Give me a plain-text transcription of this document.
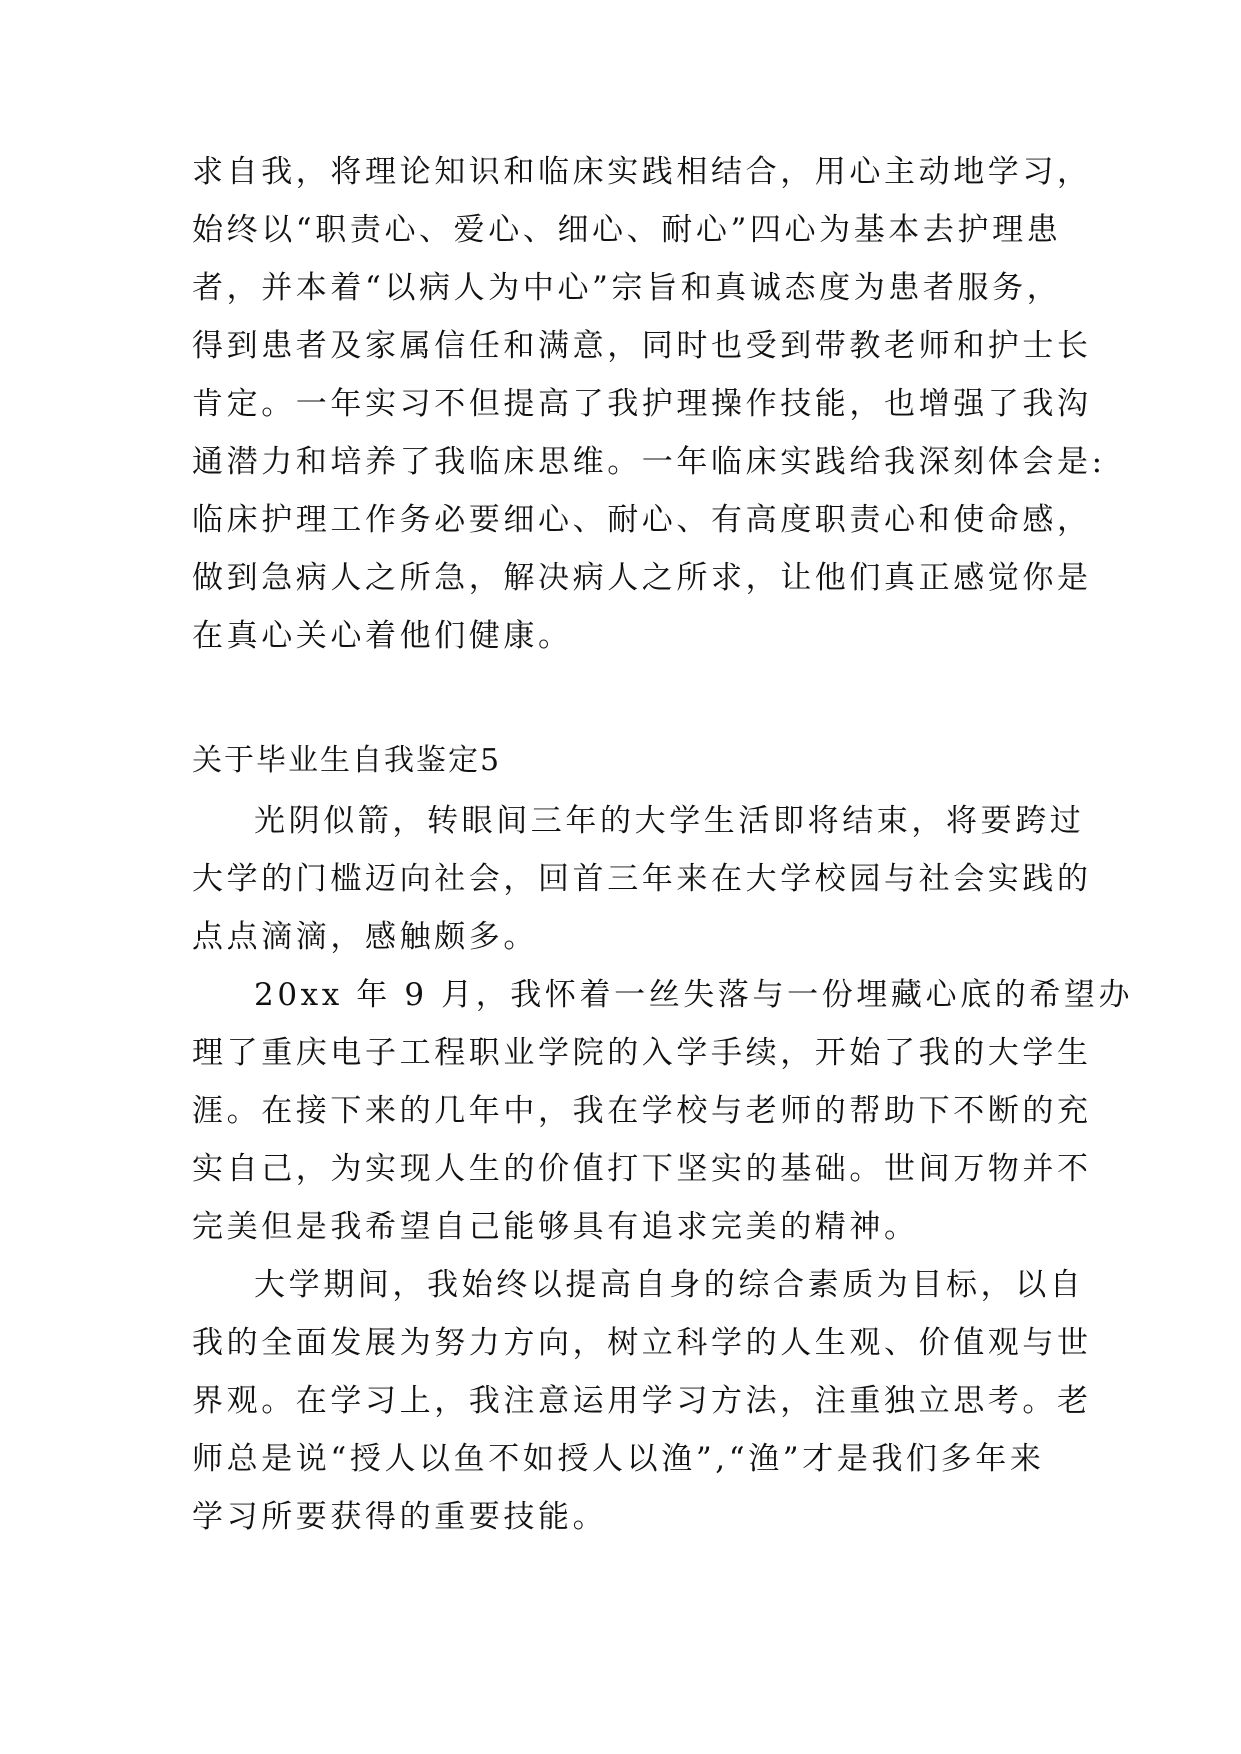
求自我，将理论知识和临床实践相结合，用心主动地学习，
始终以“职责心、爱心、细心、耐心”四心为基本去护理患
者，并本着“以病人为中心”宗旨和真诚态度为患者服务，
得到患者及家属信任和满意，同时也受到带教老师和护士长
肯定。一年实习不但提高了我护理操作技能，也增强了我沟
通潜力和培养了我临床思维。一年临床实践给我深刻体会是:
临床护理工作务必要细心、耐心、有高度职责心和使命感，
做到急病人之所急，解决病人之所求，让他们真正感觉你是
在真心关心着他们健康。
关于毕业生自我鉴定5
光阴似箭，转眼间三年的大学生活即将结束，将要跨过
大学的门槛迈向社会，回首三年来在大学校园与社会实践的
点点滴滴，感触颇多。
20xx 年 9 月，我怀着一丝失落与一份埋藏心底的希望办
理了重庆电子工程职业学院的入学手续，开始了我的大学生
涯。在接下来的几年中，我在学校与老师的帮助下不断的充
实自己，为实现人生的价值打下坚实的基础。世间万物并不
完美但是我希望自己能够具有追求完美的精神。
大学期间，我始终以提高自身的综合素质为目标，以自
我的全面发展为努力方向，树立科学的人生观、价值观与世
界观。在学习上，我注意运用学习方法，注重独立思考。老
师总是说“授人以鱼不如授人以渔”,“渔”才是我们多年来
学习所要获得的重要技能。
